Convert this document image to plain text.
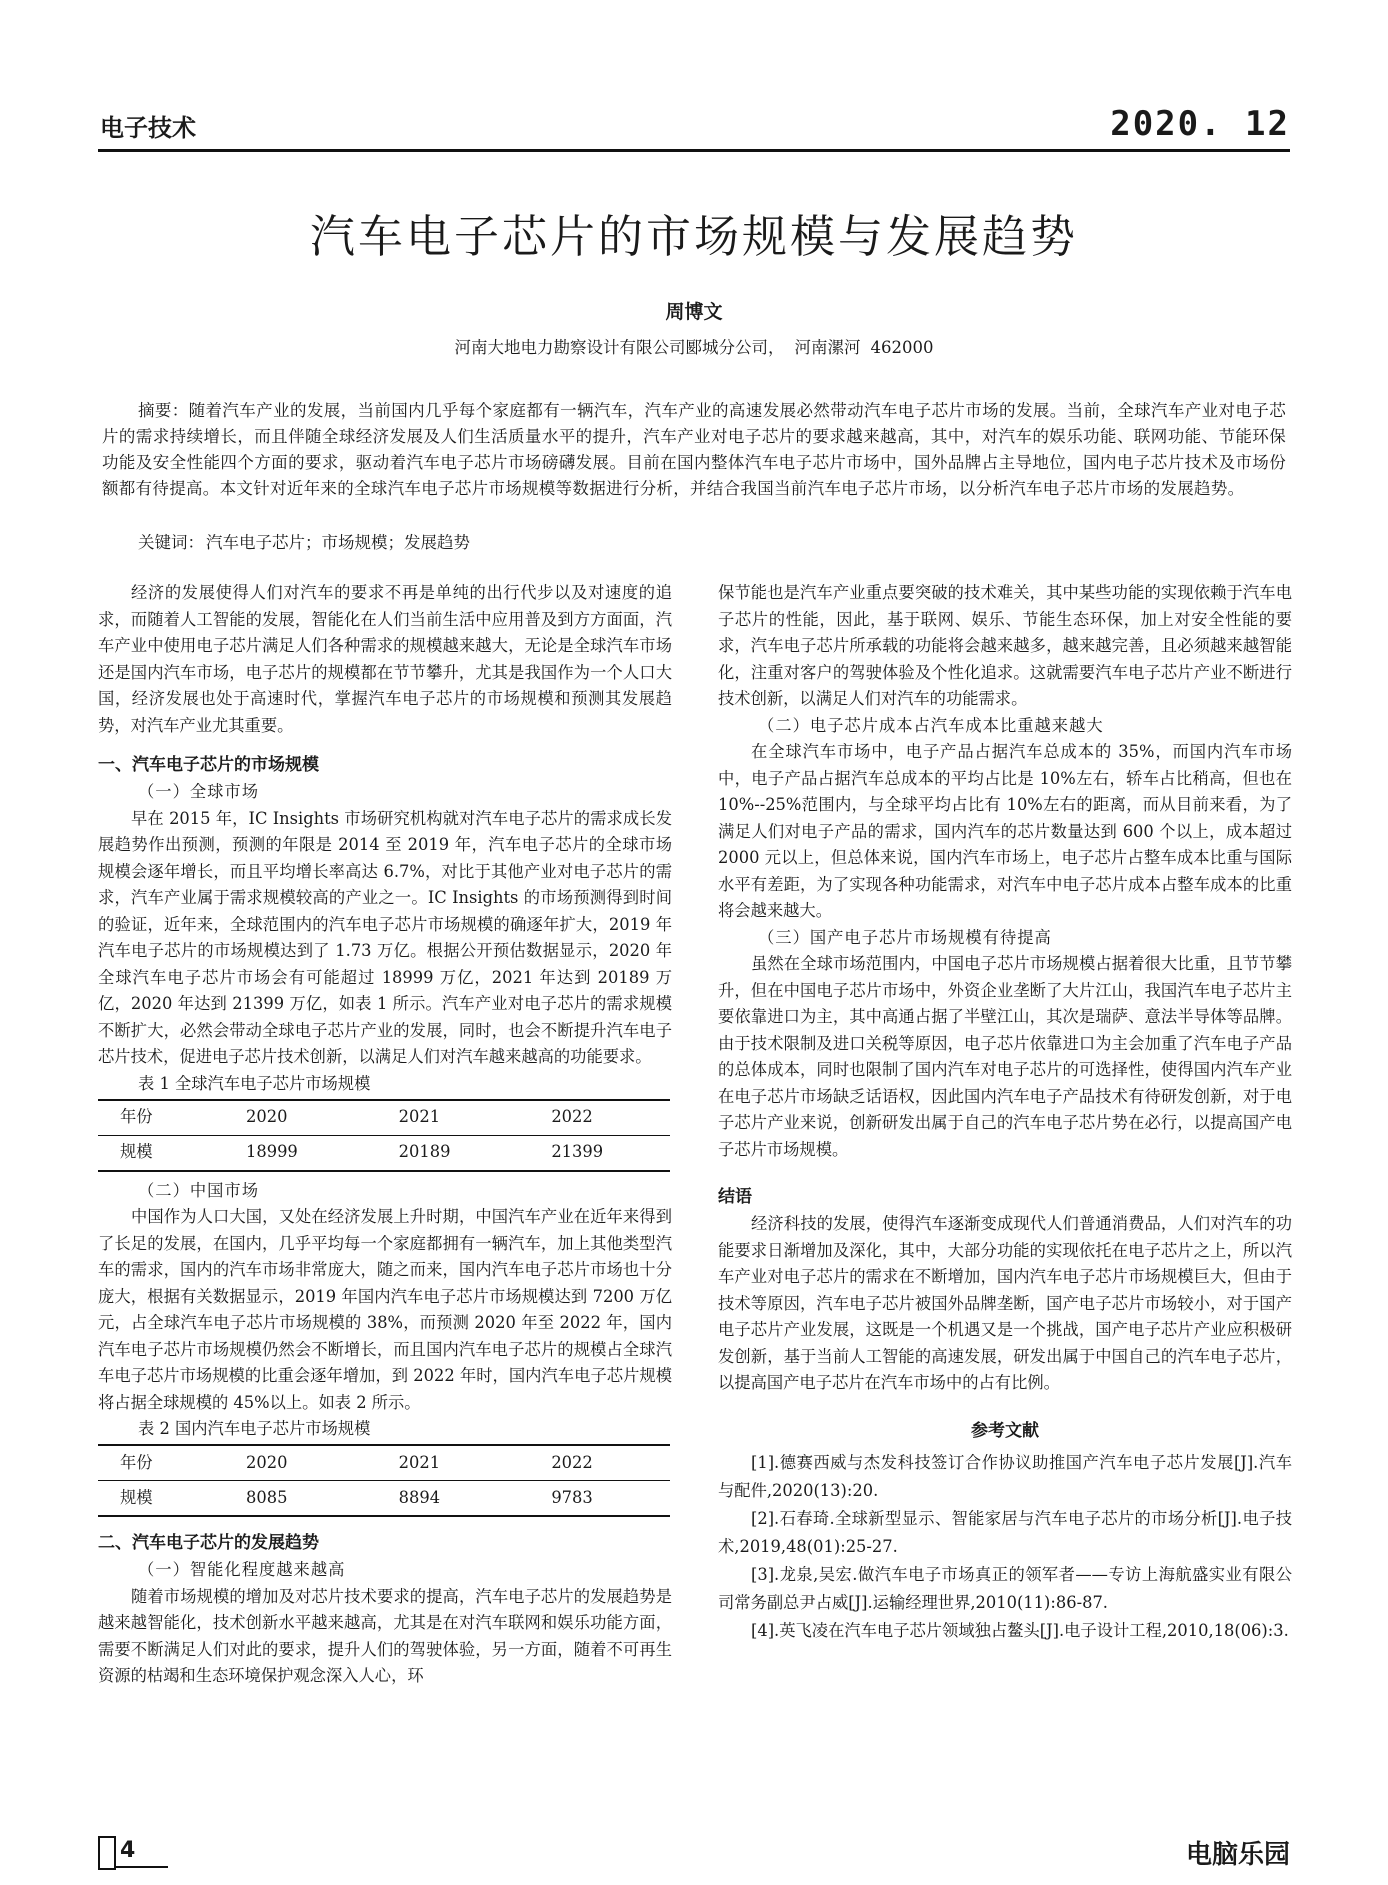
电子技术	2020. 12
汽车电子芯片的市场规模与发展趋势
周博文
河南大地电力勘察设计有限公司郾城分公司， 河南漯河 462000
摘要：随着汽车产业的发展，当前国内几乎每个家庭都有一辆汽车，汽车产业的高速发展必然带动汽车电子芯片市场的发展。当前，全球汽车产业对电子芯片的需求持续增长，而且伴随全球经济发展及人们生活质量水平的提升，汽车产业对电子芯片的要求越来越高，其中，对汽车的娱乐功能、联网功能、节能环保功能及安全性能四个方面的要求，驱动着汽车电子芯片市场磅礴发展。目前在国内整体汽车电子芯片市场中，国外品牌占主导地位，国内电子芯片技术及市场份额都有待提高。本文针对近年来的全球汽车电子芯片市场规模等数据进行分析，并结合我国当前汽车电子芯片市场，以分析汽车电子芯片市场的发展趋势。
关键词： 汽车电子芯片；市场规模；发展趋势

经济的发展使得人们对汽车的要求不再是单纯的出行代步以及对速度的追求，而随着人工智能的发展，智能化在人们当前生活中应用普及到方方面面，汽车产业中使用电子芯片满足人们各种需求的规模越来越大，无论是全球汽车市场还是国内汽车市场，电子芯片的规模都在节节攀升，尤其是我国作为一个人口大国，经济发展也处于高速时代，掌握汽车电子芯片的市场规模和预测其发展趋势，对汽车产业尤其重要。

一、汽车电子芯片的市场规模
（一）全球市场

早在 2015 年，IC Insights 市场研究机构就对汽车电子芯片的需求成长发展趋势作出预测，预测的年限是 2014 至 2019 年，汽车电子芯片的全球市场规模会逐年增长，而且平均增长率高达 6.7%，对比于其他产业对电子芯片的需求，汽车产业属于需求规模较高的产业之一。IC Insights 的市场预测得到时间的验证，近年来，全球范围内的汽车电子芯片市场规模的确逐年扩大，2019 年汽车电子芯片的市场规模达到了 1.73 万亿。根据公开预估数据显示，2020 年全球汽车电子芯片市场会有可能超过 18999 万亿，2021 年达到 20189 万亿，2020 年达到 21399 万亿，如表 1 所示。汽车产业对电子芯片的需求规模不断扩大，必然会带动全球电子芯片产业的发展，同时，也会不断提升汽车电子芯片技术，促进电子芯片技术创新，以满足人们对汽车越来越高的功能要求。

表 1 全球汽车电子芯片市场规模
年份	2020	2021	2022
规模	18999	20189	21399
（二）中国市场

中国作为人口大国，又处在经济发展上升时期，中国汽车产业在近年来得到了长足的发展，在国内，几乎平均每一个家庭都拥有一辆汽车，加上其他类型汽车的需求，国内的汽车市场非常庞大，随之而来，国内汽车电子芯片市场也十分庞大，根据有关数据显示，2019 年国内汽车电子芯片市场规模达到 7200 万亿元，占全球汽车电子芯片市场规模的 38%，而预测 2020 年至 2022 年，国内汽车电子芯片市场规模仍然会不断增长，而且国内汽车电子芯片的规模占全球汽车电子芯片市场规模的比重会逐年增加，到 2022 年时，国内汽车电子芯片规模将占据全球规模的 45%以上。如表 2 所示。

表 2 国内汽车电子芯片市场规模
年份	2020	2021	2022
规模	8085	8894	9783
二、汽车电子芯片的发展趋势
（一）智能化程度越来越高

随着市场规模的增加及对芯片技术要求的提高，汽车电子芯片的发展趋势是越来越智能化，技术创新水平越来越高，尤其是在对汽车联网和娱乐功能方面，需要不断满足人们对此的要求，提升人们的驾驶体验，另一方面，随着不可再生资源的枯竭和生态环境保护观念深入人心，环

保节能也是汽车产业重点要突破的技术难关，其中某些功能的实现依赖于汽车电子芯片的性能，因此，基于联网、娱乐、节能生态环保，加上对安全性能的要求，汽车电子芯片所承载的功能将会越来越多，越来越完善，且必须越来越智能化，注重对客户的驾驶体验及个性化追求。这就需要汽车电子芯片产业不断进行技术创新，以满足人们对汽车的功能需求。

（二）电子芯片成本占汽车成本比重越来越大

在全球汽车市场中，电子产品占据汽车总成本的 35%，而国内汽车市场中，电子产品占据汽车总成本的平均占比是 10%左右，轿车占比稍高，但也在 10%--25%范围内，与全球平均占比有 10%左右的距离，而从目前来看，为了满足人们对电子产品的需求，国内汽车的芯片数量达到 600 个以上，成本超过 2000 元以上，但总体来说，国内汽车市场上，电子芯片占整车成本比重与国际水平有差距，为了实现各种功能需求，对汽车中电子芯片成本占整车成本的比重将会越来越大。

（三）国产电子芯片市场规模有待提高

虽然在全球市场范围内，中国电子芯片市场规模占据着很大比重，且节节攀升，但在中国电子芯片市场中，外资企业垄断了大片江山，我国汽车电子芯片主要依靠进口为主，其中高通占据了半壁江山，其次是瑞萨、意法半导体等品牌。由于技术限制及进口关税等原因，电子芯片依靠进口为主会加重了汽车电子产品的总体成本，同时也限制了国内汽车对电子芯片的可选择性，使得国内汽车产业在电子芯片市场缺乏话语权，因此国内汽车电子产品技术有待研发创新，对于电子芯片产业来说，创新研发出属于自己的汽车电子芯片势在必行，以提高国产电子芯片市场规模。

结语

经济科技的发展，使得汽车逐渐变成现代人们普通消费品，人们对汽车的功能要求日渐增加及深化，其中，大部分功能的实现依托在电子芯片之上，所以汽车产业对电子芯片的需求在不断增加，国内汽车电子芯片市场规模巨大，但由于技术等原因，汽车电子芯片被国外品牌垄断，国产电子芯片市场较小，对于国产电子芯片产业发展，这既是一个机遇又是一个挑战，国产电子芯片产业应积极研发创新，基于当前人工智能的高速发展，研发出属于中国自己的汽车电子芯片，以提高国产电子芯片在汽车市场中的占有比例。

参考文献

[1].德赛西威与杰发科技签订合作协议助推国产汽车电子芯片发展[J].汽车与配件,2020(13):20.

[2].石春琦.全球新型显示、智能家居与汽车电子芯片的市场分析[J].电子技术,2019,48(01):25-27.

[3].龙泉,吴宏.做汽车电子市场真正的领军者——专访上海航盛实业有限公司常务副总尹占威[J].运输经理世界,2010(11):86-87.

[4].英飞凌在汽车电子芯片领域独占鳌头[J].电子设计工程,2010,18(06):3.

4	电脑乐园
